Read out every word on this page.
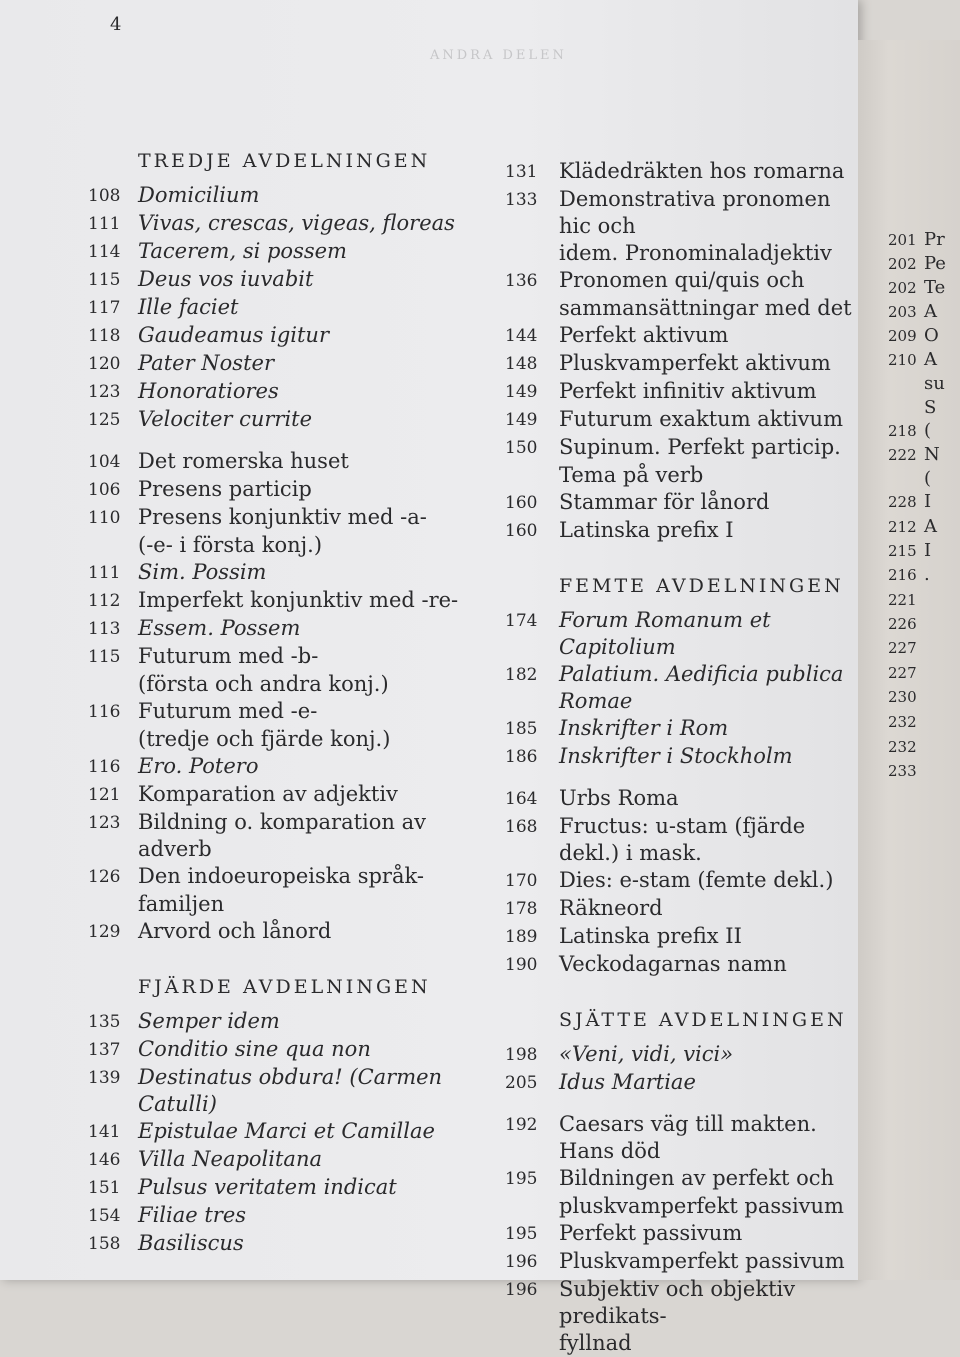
4
ANDRA DELEN
TREDJE AVDELNINGEN
108 Domicilium
111 Vivas, crescas, vigeas, floreas
114 Tacerem, si possem
115 Deus vos iuvabit
117 Ille faciet
118 Gaudeamus igitur
120 Pater Noster
123 Honoratiores
125 Velociter currite
104 Det romerska huset
106 Presens particip
110 Presens konjunktiv med -a-
(-e- i första konj.)
111 Sim. Possim
112 Imperfekt konjunktiv med -re-
113 Essem. Possem
115 Futurum med -b-
(första och andra konj.)
116 Futurum med -e-
(tredje och fjärde konj.)
116 Ero. Potero
121 Komparation av adjektiv
123 Bildning o. komparation av adverb
126 Den indoeuropeiska språk-
familjen
129 Arvord och lånord
FJÄRDE AVDELNINGEN
135 Semper idem
137 Conditio sine qua non
139 Destinatus obdura! (Carmen Catulli)
141 Epistulae Marci et Camillae
146 Villa Neapolitana
151 Pulsus veritatem indicat
154 Filiae tres
158 Basiliscus
131	Klädedräkten hos romarna
133	Demonstrativa pronomen hic och
idem. Pronominaladjektiv
136	Pronomen qui/quis och
sammansättningar med det
144	Perfekt aktivum
148	Pluskvamperfekt aktivum
149	Perfekt infinitiv aktivum
149	Futurum exaktum aktivum
150	Supinum. Perfekt particip.
Tema på verb
160	Stammar för lånord
160	Latinska prefix I
FEMTE AVDELNINGEN
174	Forum Romanum et Capitolium
182	Palatium. Aedificia publica Romae
185	Inskrifter i Rom
186	Inskrifter i Stockholm
164	Urbs Roma
168	Fructus: u-stam (fjärde dekl.) i mask.
170	Dies: e-stam (femte dekl.)
178	Räkneord
189	Latinska prefix II
190	Veckodagarnas namn
SJÄTTE AVDELNINGEN
198	«Veni, vidi, vici»
205	Idus Martiae
192	Caesars väg till makten. Hans död
195	Bildningen av perfekt och
pluskvamperfekt passivum
195	Perfekt passivum
196	Pluskvamperfekt passivum
196	Subjektiv och objektiv predikats-
fyllnad
201 Pr
202 Pe
202 Te
203 A
209 O
210 A
su
S
218 (
222 N
(
228 I
212 A
215 I
216 .
221
226
227
227
230
232
232
233
